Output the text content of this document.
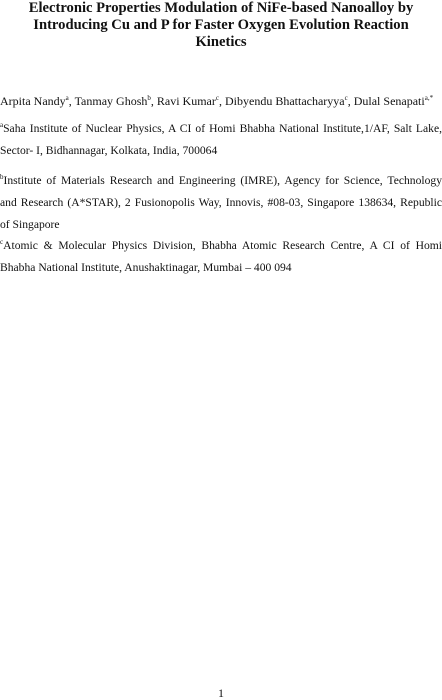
Electronic Properties Modulation of NiFe-based Nanoalloy by
Introducing Cu and P for Faster Oxygen Evolution Reaction
Kinetics
Arpita Nandy$^a$, Tanmay Ghosh$^b$, Ravi Kumar$^c$, Dibyendu Bhattacharyya$^c$, Dulal Senapati$^{a,*}$
$^a$Saha Institute of Nuclear Physics, A CI of Homi Bhabha National Institute,1/AF, Salt Lake,
Sector- I, Bidhannagar, Kolkata, India, 700064
$^b$Institute of Materials Research and Engineering (IMRE), Agency for Science, Technology
and Research (A*STAR), 2 Fusionopolis Way, Innovis, #08-03, Singapore 138634, Republic
of Singapore
$^c$Atomic & Molecular Physics Division, Bhabha Atomic Research Centre, A CI of Homi
Bhabha National Institute, Anushaktinagar, Mumbai – 400 094
1
